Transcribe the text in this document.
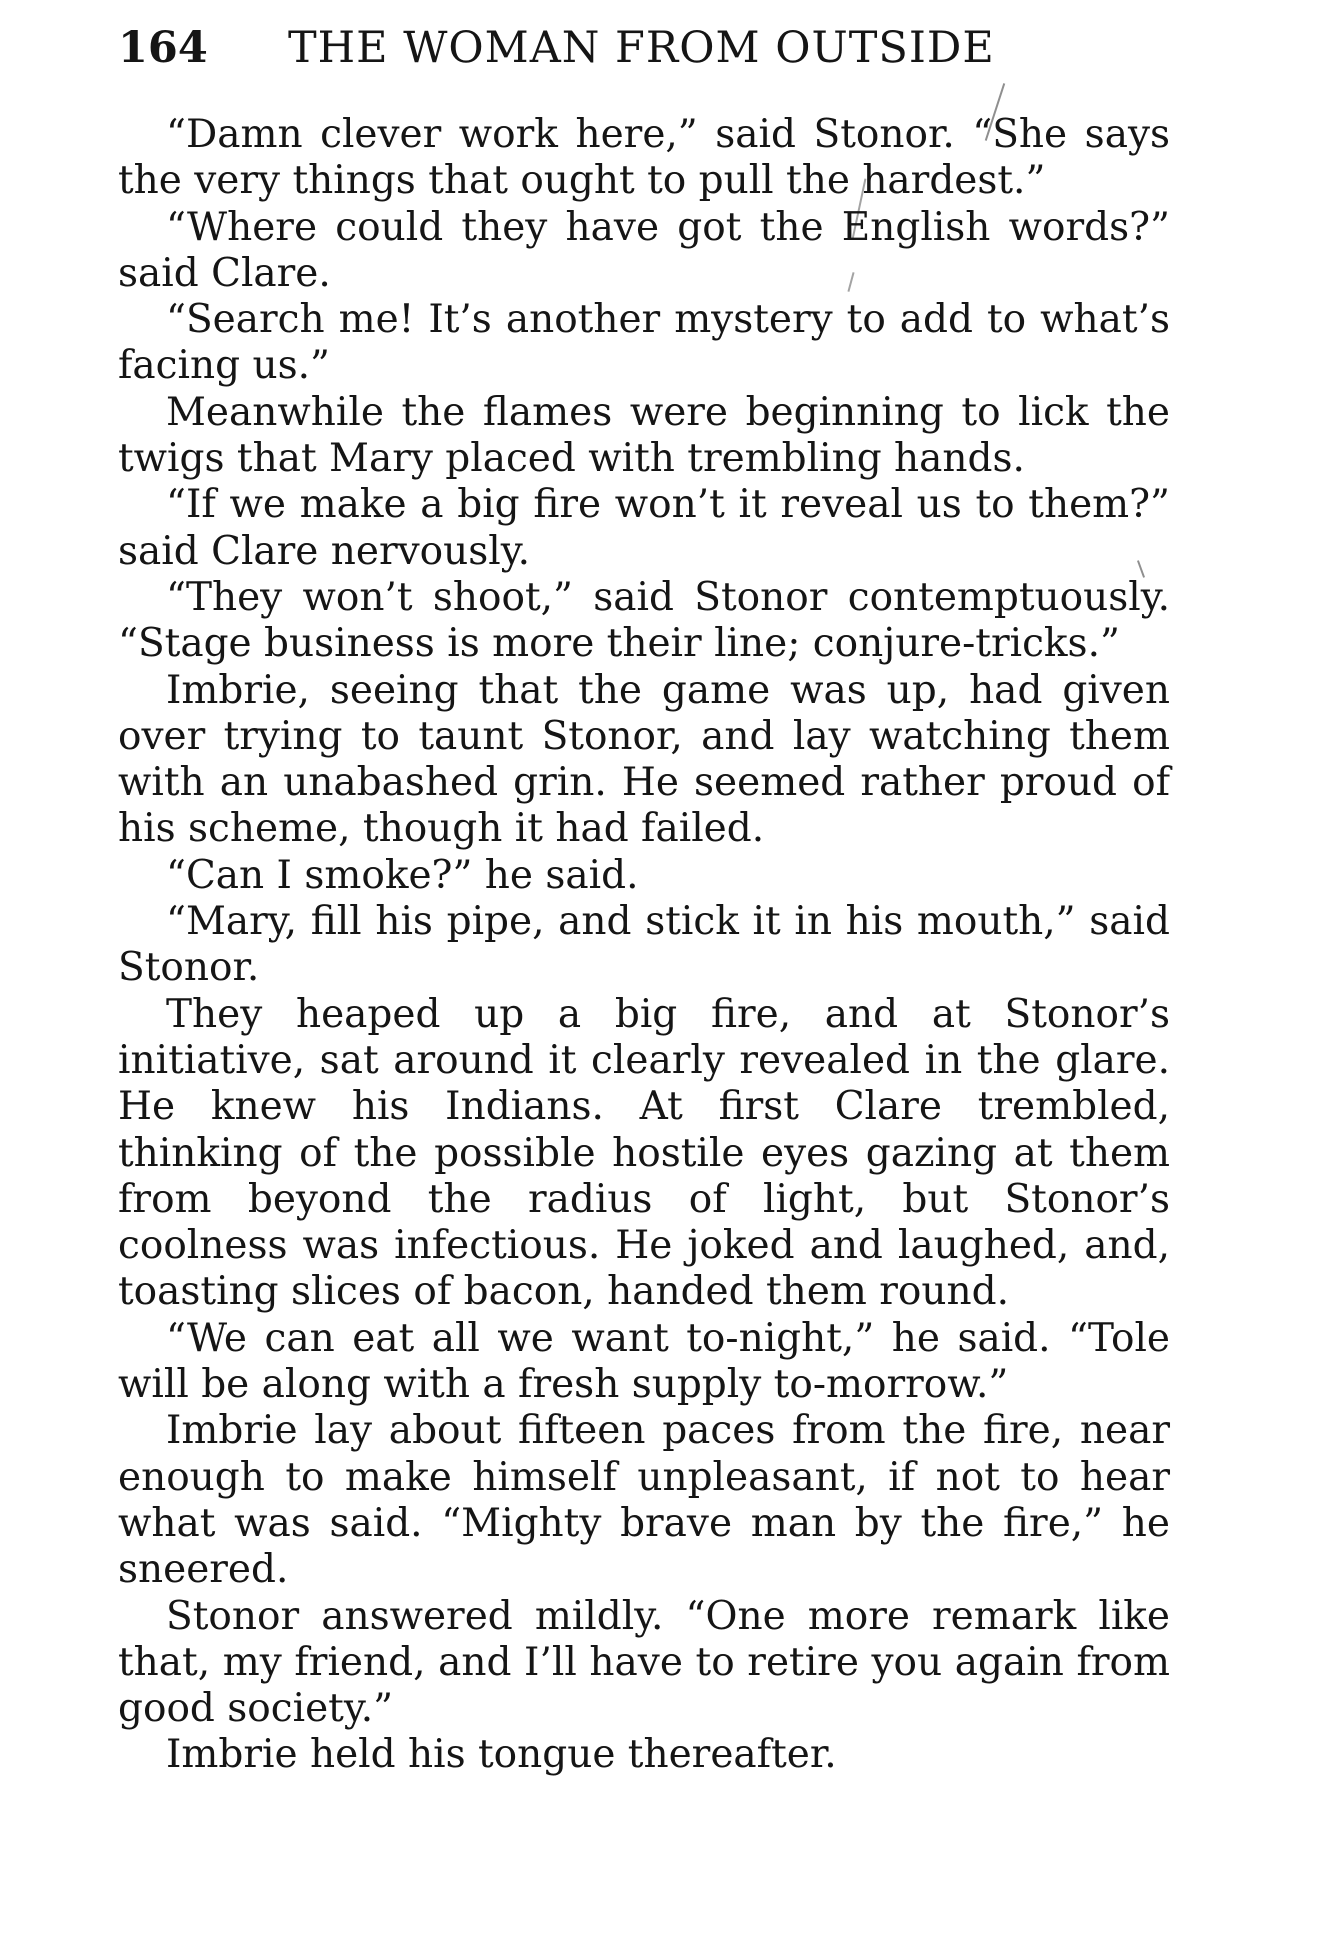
164 THE WOMAN FROM OUTSIDE

“Damn clever work here,” said Stonor. “She says the very things that ought to pull the hardest.”

“Where could they have got the English words?” said Clare.

“Search me! It’s another mystery to add to what’s facing us.”

Meanwhile the flames were beginning to lick the twigs that Mary placed with trembling hands.

“If we make a big fire won’t it reveal us to them?” said Clare nervously.

“They won’t shoot,” said Stonor contemptuously. “Stage business is more their line; conjure-tricks.”

Imbrie, seeing that the game was up, had given over trying to taunt Stonor, and lay watching them with an unabashed grin. He seemed rather proud of his scheme, though it had failed.

“Can I smoke?” he said.

“Mary, fill his pipe, and stick it in his mouth,” said Stonor.

They heaped up a big fire, and at Stonor’s initiative, sat around it clearly revealed in the glare. He knew his Indians. At first Clare trembled, thinking of the possible hostile eyes gazing at them from beyond the radius of light, but Stonor’s coolness was infectious. He joked and laughed, and, toasting slices of bacon, handed them round.

“We can eat all we want to-night,” he said. “Tole will be along with a fresh supply to-morrow.”

Imbrie lay about fifteen paces from the fire, near enough to make himself unpleasant, if not to hear what was said. “Mighty brave man by the fire,” he sneered.

Stonor answered mildly. “One more remark like that, my friend, and I’ll have to retire you again from good society.”

Imbrie held his tongue thereafter.
